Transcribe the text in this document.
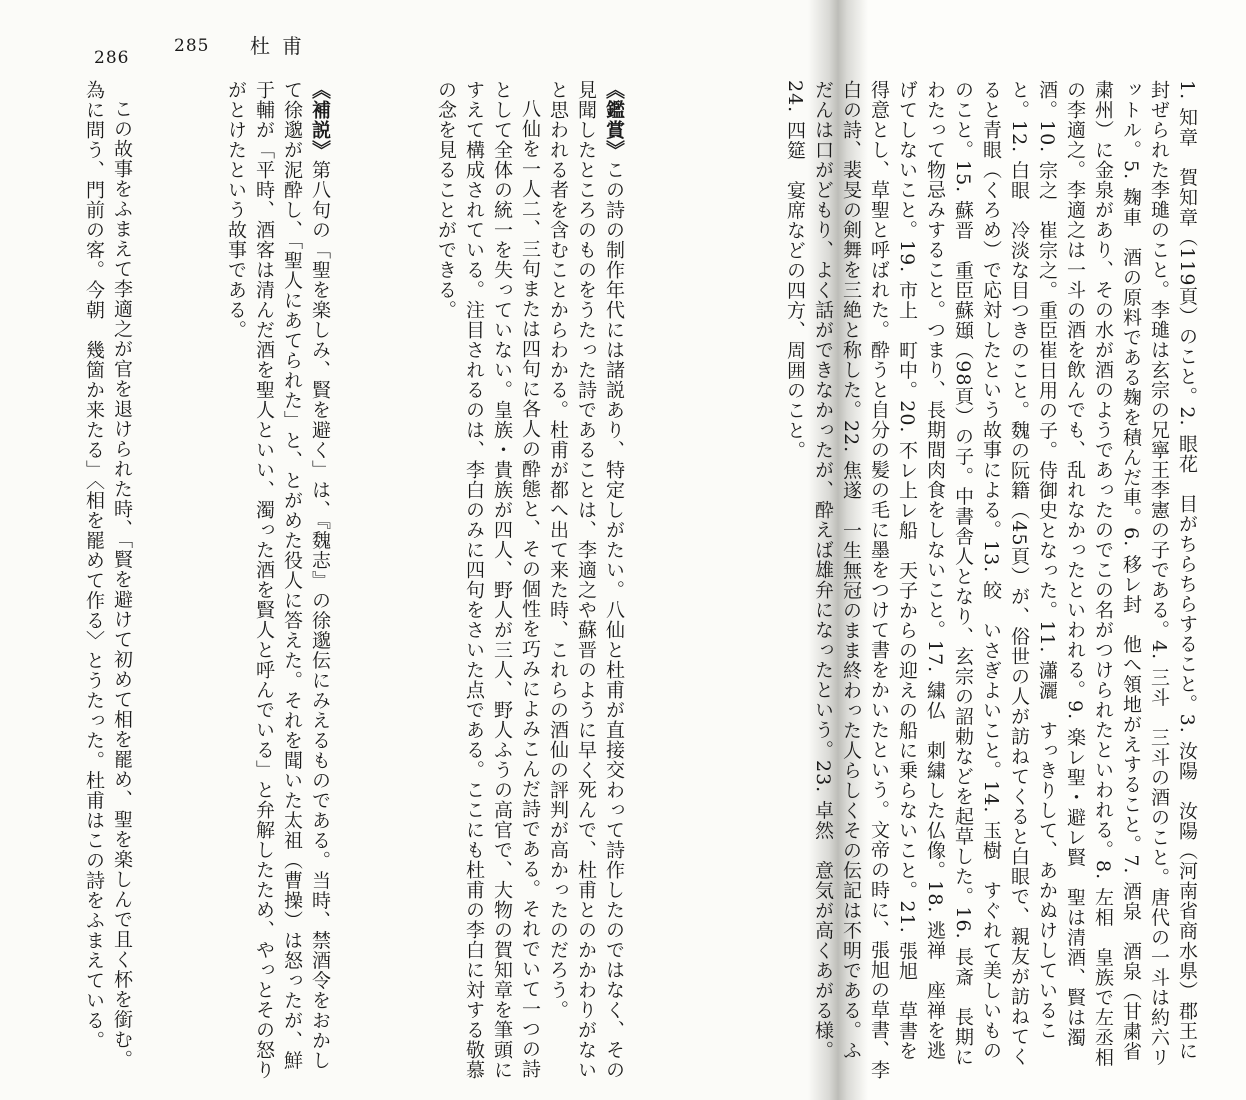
286
285 杜甫

1. 知章　賀知章（119頁）のこと。2. 眼花　目がちらちらすること。3. 汝陽　汝陽（河南省商水県）郡王に封ぜられた李璡のこと。李璡は玄宗の兄寧王李憲の子である。4. 三斗　三斗の酒のこと。唐代の一斗は約六リットル。5. 麹車　酒の原料である麹を積んだ車。6. 移レ封　他へ領地がえすること。7. 酒泉　酒泉（甘粛省粛州）に金泉があり、その水が酒のようであったのでこの名がつけられたといわれる。8. 左相　皇族で左丞相の李適之。李適之は一斗の酒を飲んでも、乱れなかったといわれる。9. 楽レ聖・避レ賢　聖は清酒、賢は濁酒。10. 宗之　崔宗之。重臣崔日用の子。侍御史となった。11. 瀟灑　すっきりして、あかぬけしていること。12. 白眼　冷淡な目つきのこと。魏の阮籍（45頁）が、俗世の人が訪ねてくると白眼で、親友が訪ねてくると青眼（くろめ）で応対したという故事による。13. 皎　いさぎよいこと。14. 玉樹　すぐれて美しいもののこと。15. 蘇晋　重臣蘇頲（98頁）の子。中書舎人となり、玄宗の詔勅などを起草した。16. 長斎　長期にわたって物忌みすること。つまり、長期間肉食をしないこと。17. 繍仏　刺繍した仏像。18. 逃禅　座禅を逃げてしないこと。19. 市上　町中。20. 不レ上レ船　天子からの迎えの船に乗らないこと。21. 張旭　草書を得意とし、草聖と呼ばれた。酔うと自分の髪の毛に墨をつけて書をかいたという。文帝の時に、張旭の草書、李白の詩、裴旻の剣舞を三絶と称した。22. 焦遂　一生無冠のまま終わった人らしくその伝記は不明である。ふだんは口がどもり、よく話ができなかったが、酔えば雄弁になったという。23. 卓然　意気が高くあがる様。24. 四筵　宴席などの四方、周囲のこと。

《鑑賞》この詩の制作年代には諸説あり、特定しがたい。八仙と杜甫が直接交わって詩作したのではなく、その見聞したところのものをうたった詩であることは、李適之や蘇晋のように早く死んで、杜甫とのかかわりがないと思われる者を含むことからわかる。杜甫が都へ出て来た時、これらの酒仙の評判が高かったのだろう。

八仙を一人二、三句または四句に各人の酔態と、その個性を巧みによみこんだ詩である。それでいて一つの詩として全体の統一を失っていない。皇族・貴族が四人、野人が三人、野人ふうの高官で、大物の賀知章を筆頭にすえて構成されている。注目されるのは、李白のみに四句をさいた点である。ここにも杜甫の李白に対する敬慕の念を見ることができる。

《補説》第八句の「聖を楽しみ、賢を避く」は、『魏志』の徐邈伝にみえるものである。当時、禁酒令をおかして徐邈が泥酔し、「聖人にあてられた」と、とがめた役人に答えた。それを聞いた太祖（曹操）は怒ったが、鮮于輔が「平時、酒客は清んだ酒を聖人といい、濁った酒を賢人と呼んでいる」と弁解したため、やっとその怒りがとけたという故事である。

この故事をふまえて李適之が官を退けられた時、「賢を避けて初めて相を罷め、聖を楽しんで且く杯を銜む。為に問う、門前の客。今朝　幾箇か来たる」〈相を罷めて作る〉とうたった。杜甫はこの詩をふまえている。
